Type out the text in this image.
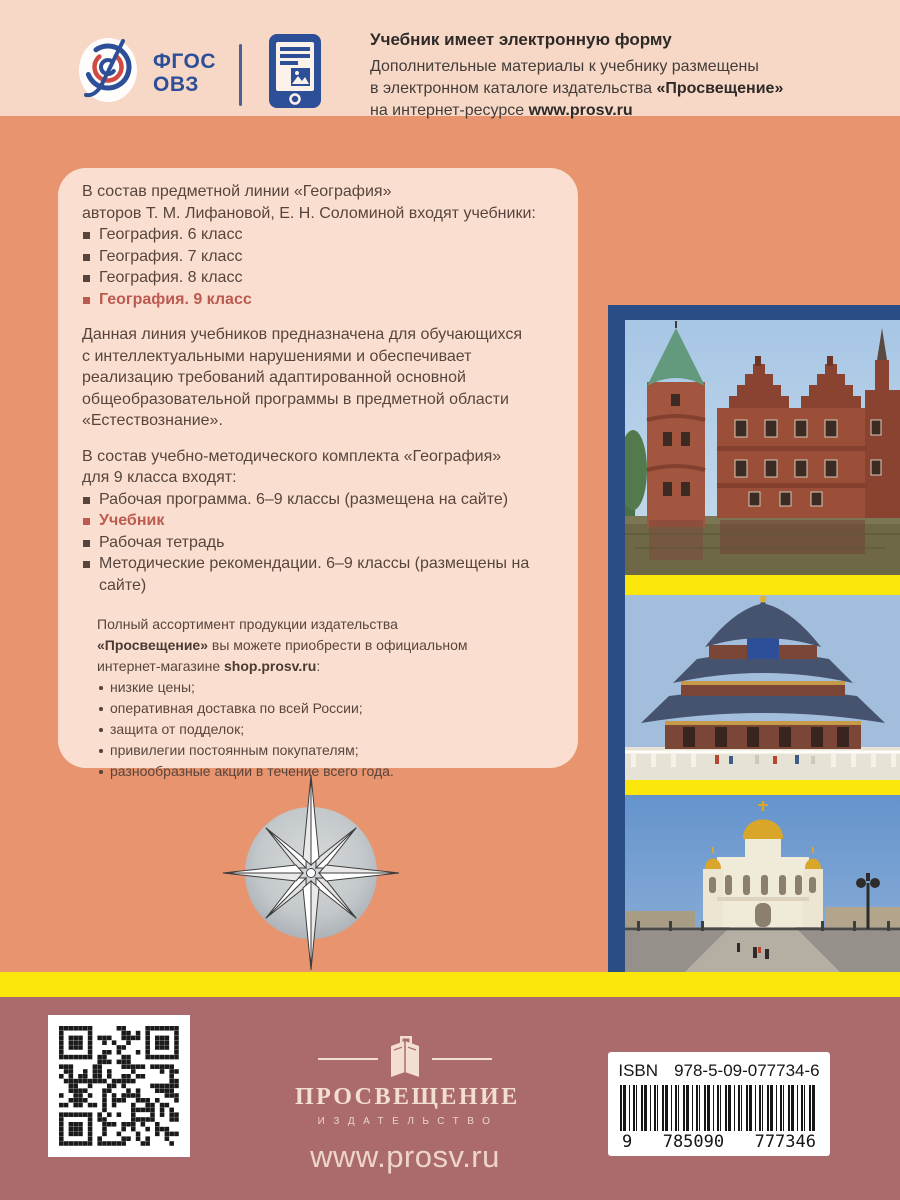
ФГОС
ОВЗ
Учебник имеет электронную форму
Дополнительные материалы к учебнику размещены
в электронном каталоге издательства «Просвещение»
на интернет-ресурсе www.prosv.ru

В состав предметной линии «География»

авторов Т. М. Лифановой, Е. Н. Соломиной входят учебники:

География. 6 класс
География. 7 класс
География. 8 класс
География. 9 класс

Данная линия учебников предназначена для обучающихся

с интеллектуальными нарушениями и обеспечивает

реализацию требований адаптированной основной

общеобразовательной программы в предметной области

«Естествознание».

В состав учебно-методического комплекта «География»

для 9 класса входят:

Рабочая программа. 6–9 классы (размещена на сайте)
Учебник
Рабочая тетрадь
Методические рекомендации. 6–9 классы (размещены на сайте)

Полный ассортимент продукции издательства

«Просвещение» вы можете приобрести в официальном

интернет-магазине shop.prosv.ru:

низкие цены;
оперативная доставка по всей России;
защита от подделок;
привилегии постоянным покупателям;
разнообразные акции в течение всего года.
ПРОСВЕЩЕНИЕ
ИЗДАТЕЛЬСТВО
www.prosv.ru
ISBN 978-5-09-077734-6
9 785090 777346
